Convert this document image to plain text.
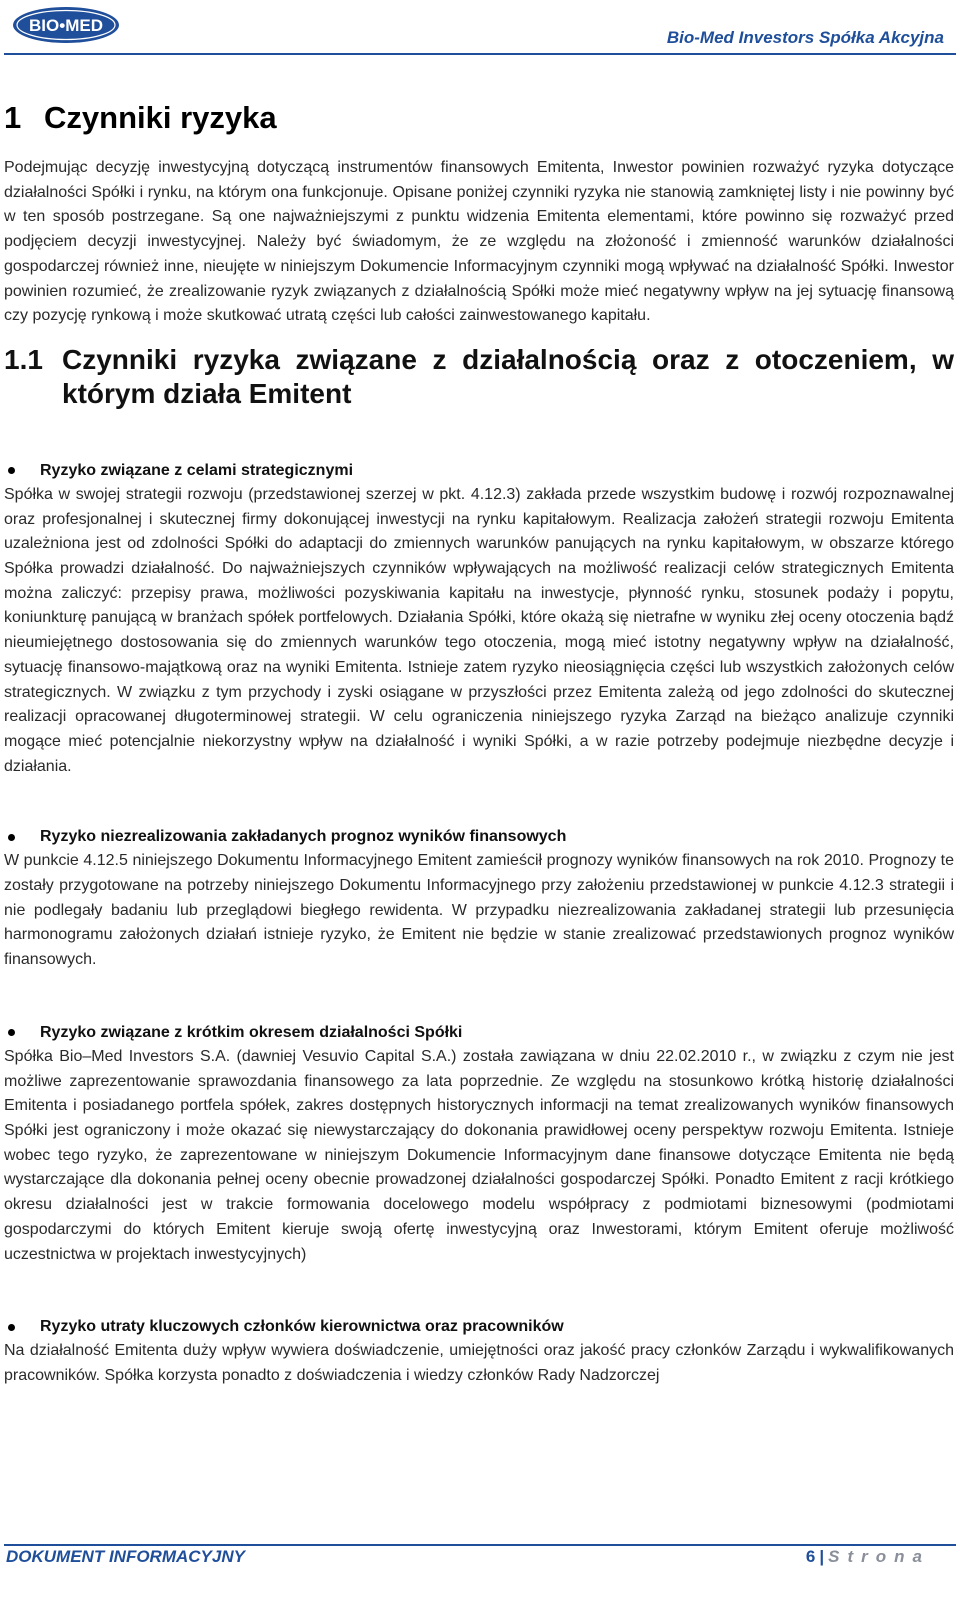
BIO•MED
Bio-Med Investors Spółka Akcyjna
1 Czynniki ryzyka

Podejmując decyzję inwestycyjną dotyczącą instrumentów finansowych Emitenta, Inwestor powinien rozważyć ryzyka dotyczące działalności Spółki i rynku, na którym ona funkcjonuje. Opisane poniżej czynniki ryzyka nie stanowią zamkniętej listy i nie powinny być w ten sposób postrzegane. Są one najważniejszymi z punktu widzenia Emitenta elementami, które powinno się rozważyć przed podjęciem decyzji inwestycyjnej. Należy być świadomym, że ze względu na złożoność i zmienność warunków działalności gospodarczej również inne, nieujęte w niniejszym Dokumencie Informacyjnym czynniki mogą wpływać na działalność Spółki. Inwestor powinien rozumieć, że zrealizowanie ryzyk związanych z działalnością Spółki może mieć negatywny wpływ na jej sytuację finansową czy pozycję rynkową i może skutkować utratą części lub całości zainwestowanego kapitału.

1.1 Czynniki ryzyka związane z działalnością oraz z otoczeniem, w którym działa Emitent
Ryzyko związane z celami strategicznymi

Spółka w swojej strategii rozwoju (przedstawionej szerzej w pkt. 4.12.3) zakłada przede wszystkim budowę i rozwój rozpoznawalnej oraz profesjonalnej i skutecznej firmy dokonującej inwestycji na rynku kapitałowym. Realizacja założeń strategii rozwoju Emitenta uzależniona jest od zdolności Spółki do adaptacji do zmiennych warunków panujących na rynku kapitałowym, w obszarze którego Spółka prowadzi działalność. Do najważniejszych czynników wpływających na możliwość realizacji celów strategicznych Emitenta można zaliczyć: przepisy prawa, możliwości pozyskiwania kapitału na inwestycje, płynność rynku, stosunek podaży i popytu, koniunkturę panującą w branżach spółek portfelowych. Działania Spółki, które okażą się nietrafne w wyniku złej oceny otoczenia bądź nieumiejętnego dostosowania się do zmiennych warunków tego otoczenia, mogą mieć istotny negatywny wpływ na działalność, sytuację finansowo-majątkową oraz na wyniki Emitenta. Istnieje zatem ryzyko nieosiągnięcia części lub wszystkich założonych celów strategicznych. W związku z tym przychody i zyski osiągane w przyszłości przez Emitenta zależą od jego zdolności do skutecznej realizacji opracowanej długoterminowej strategii. W celu ograniczenia niniejszego ryzyka Zarząd na bieżąco analizuje czynniki mogące mieć potencjalnie niekorzystny wpływ na działalność i wyniki Spółki, a w razie potrzeby podejmuje niezbędne decyzje i działania.

Ryzyko niezrealizowania zakładanych prognoz wyników finansowych

W punkcie 4.12.5 niniejszego Dokumentu Informacyjnego Emitent zamieścił prognozy wyników finansowych na rok 2010. Prognozy te zostały przygotowane na potrzeby niniejszego Dokumentu Informacyjnego przy założeniu przedstawionej w punkcie 4.12.3 strategii i nie podlegały badaniu lub przeglądowi biegłego rewidenta. W przypadku niezrealizowania zakładanej strategii lub przesunięcia harmonogramu założonych działań istnieje ryzyko, że Emitent nie będzie w stanie zrealizować przedstawionych prognoz wyników finansowych.

Ryzyko związane z krótkim okresem działalności Spółki

Spółka Bio–Med Investors S.A. (dawniej Vesuvio Capital S.A.) została zawiązana w dniu 22.02.2010 r., w związku z czym nie jest możliwe zaprezentowanie sprawozdania finansowego za lata poprzednie. Ze względu na stosunkowo krótką historię działalności Emitenta i posiadanego portfela spółek, zakres dostępnych historycznych informacji na temat zrealizowanych wyników finansowych Spółki jest ograniczony i może okazać się niewystarczający do dokonania prawidłowej oceny perspektyw rozwoju Emitenta. Istnieje wobec tego ryzyko, że zaprezentowane w niniejszym Dokumencie Informacyjnym dane finansowe dotyczące Emitenta nie będą wystarczające dla dokonania pełnej oceny obecnie prowadzonej działalności gospodarczej Spółki. Ponadto Emitent z racji krótkiego okresu działalności jest w trakcie formowania docelowego modelu współpracy z podmiotami biznesowymi (podmiotami gospodarczymi do których Emitent kieruje swoją ofertę inwestycyjną oraz Inwestorami, którym Emitent oferuje możliwość uczestnictwa w projektach inwestycyjnych)

Ryzyko utraty kluczowych członków kierownictwa oraz pracowników

Na działalność Emitenta duży wpływ wywiera doświadczenie, umiejętności oraz jakość pracy członków Zarządu i wykwalifikowanych pracowników. Spółka korzysta ponadto z doświadczenia i wiedzy członków Rady Nadzorczej

DOKUMENT INFORMACYJNY	6 | Strona
